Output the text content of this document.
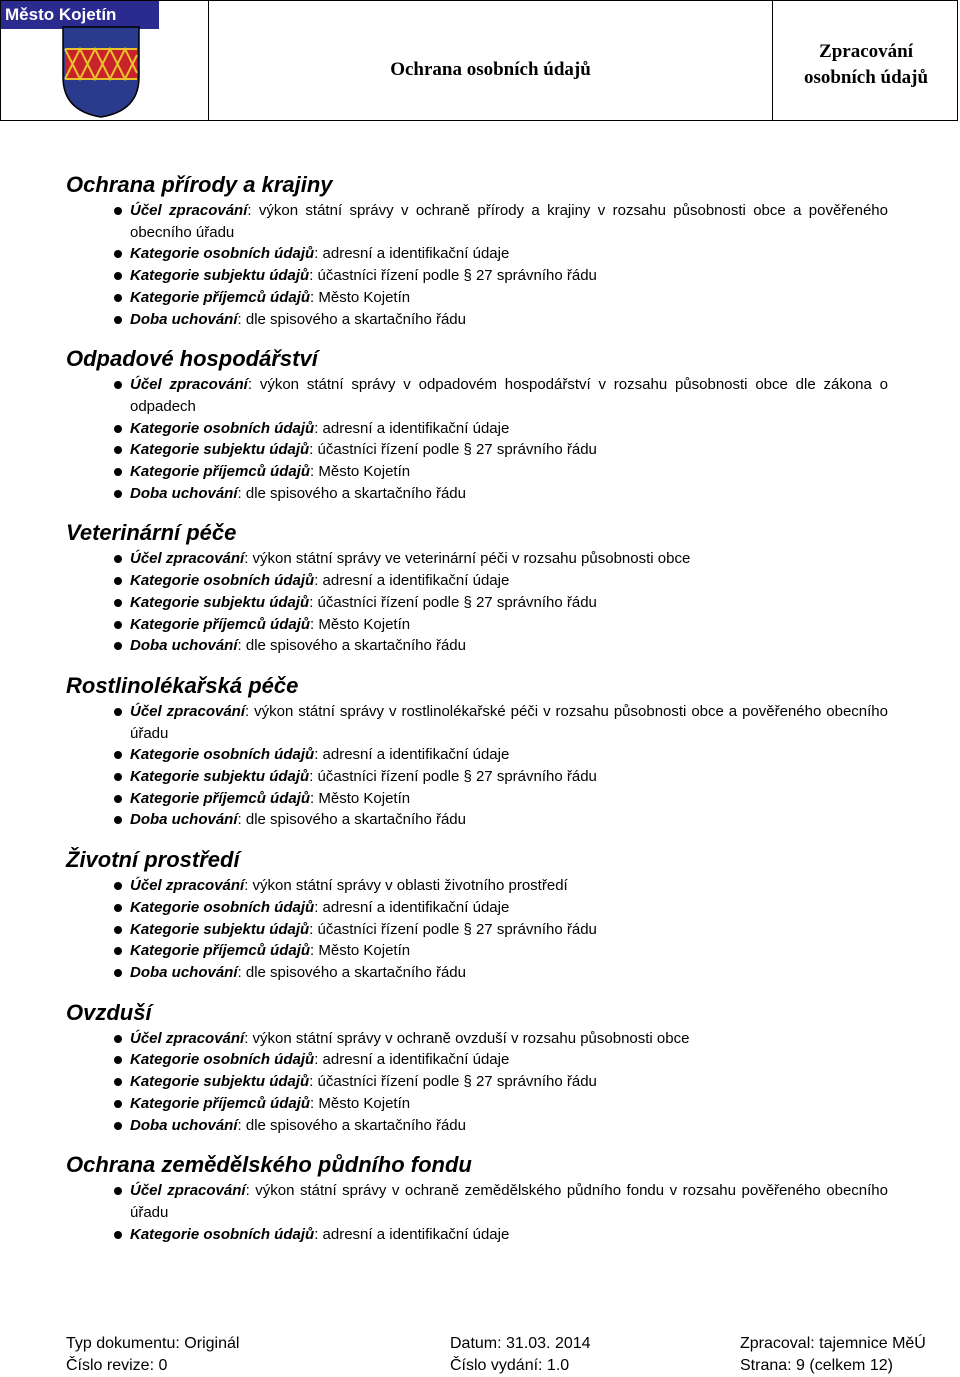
Město Kojetín
Ochrana osobních údajů
Zpracování
osobních údajů
Ochrana přírody a krajiny
Účel zpracování: výkon státní správy v ochraně přírody a krajiny v rozsahu působnosti obce a pověřeného obecního úřadu
Kategorie osobních údajů: adresní a identifikační údaje
Kategorie subjektu údajů: účastníci řízení podle § 27 správního řádu
Kategorie příjemců údajů: Město Kojetín
Doba uchování: dle spisového a skartačního řádu
Odpadové hospodářství
Účel zpracování: výkon státní správy v odpadovém hospodářství v rozsahu působnosti obce dle zákona o odpadech
Kategorie osobních údajů: adresní a identifikační údaje
Kategorie subjektu údajů: účastníci řízení podle § 27 správního řádu
Kategorie příjemců údajů: Město Kojetín
Doba uchování: dle spisového a skartačního řádu
Veterinární péče
Účel zpracování: výkon státní správy ve veterinární péči v rozsahu působnosti obce
Kategorie osobních údajů: adresní a identifikační údaje
Kategorie subjektu údajů: účastníci řízení podle § 27 správního řádu
Kategorie příjemců údajů: Město Kojetín
Doba uchování: dle spisového a skartačního řádu
Rostlinolékařská péče
Účel zpracování: výkon státní správy v rostlinolékařské péči v rozsahu působnosti obce a pověřeného obecního úřadu
Kategorie osobních údajů: adresní a identifikační údaje
Kategorie subjektu údajů: účastníci řízení podle § 27 správního řádu
Kategorie příjemců údajů: Město Kojetín
Doba uchování: dle spisového a skartačního řádu
Životní prostředí
Účel zpracování: výkon státní správy v oblasti životního prostředí
Kategorie osobních údajů: adresní a identifikační údaje
Kategorie subjektu údajů: účastníci řízení podle § 27 správního řádu
Kategorie příjemců údajů: Město Kojetín
Doba uchování: dle spisového a skartačního řádu
Ovzduší
Účel zpracování: výkon státní správy v ochraně ovzduší v rozsahu působnosti obce
Kategorie osobních údajů: adresní a identifikační údaje
Kategorie subjektu údajů: účastníci řízení podle § 27 správního řádu
Kategorie příjemců údajů: Město Kojetín
Doba uchování: dle spisového a skartačního řádu
Ochrana zemědělského půdního fondu
Účel zpracování: výkon státní správy v ochraně zemědělského půdního fondu v rozsahu pověřeného obecního úřadu
Kategorie osobních údajů: adresní a identifikační údaje
Typ dokumentu: Originál	Datum: 31.03. 2014	Zpracoval: tajemnice MěÚ
Číslo revize: 0	Číslo vydání: 1.0	Strana: 9 (celkem 12)
